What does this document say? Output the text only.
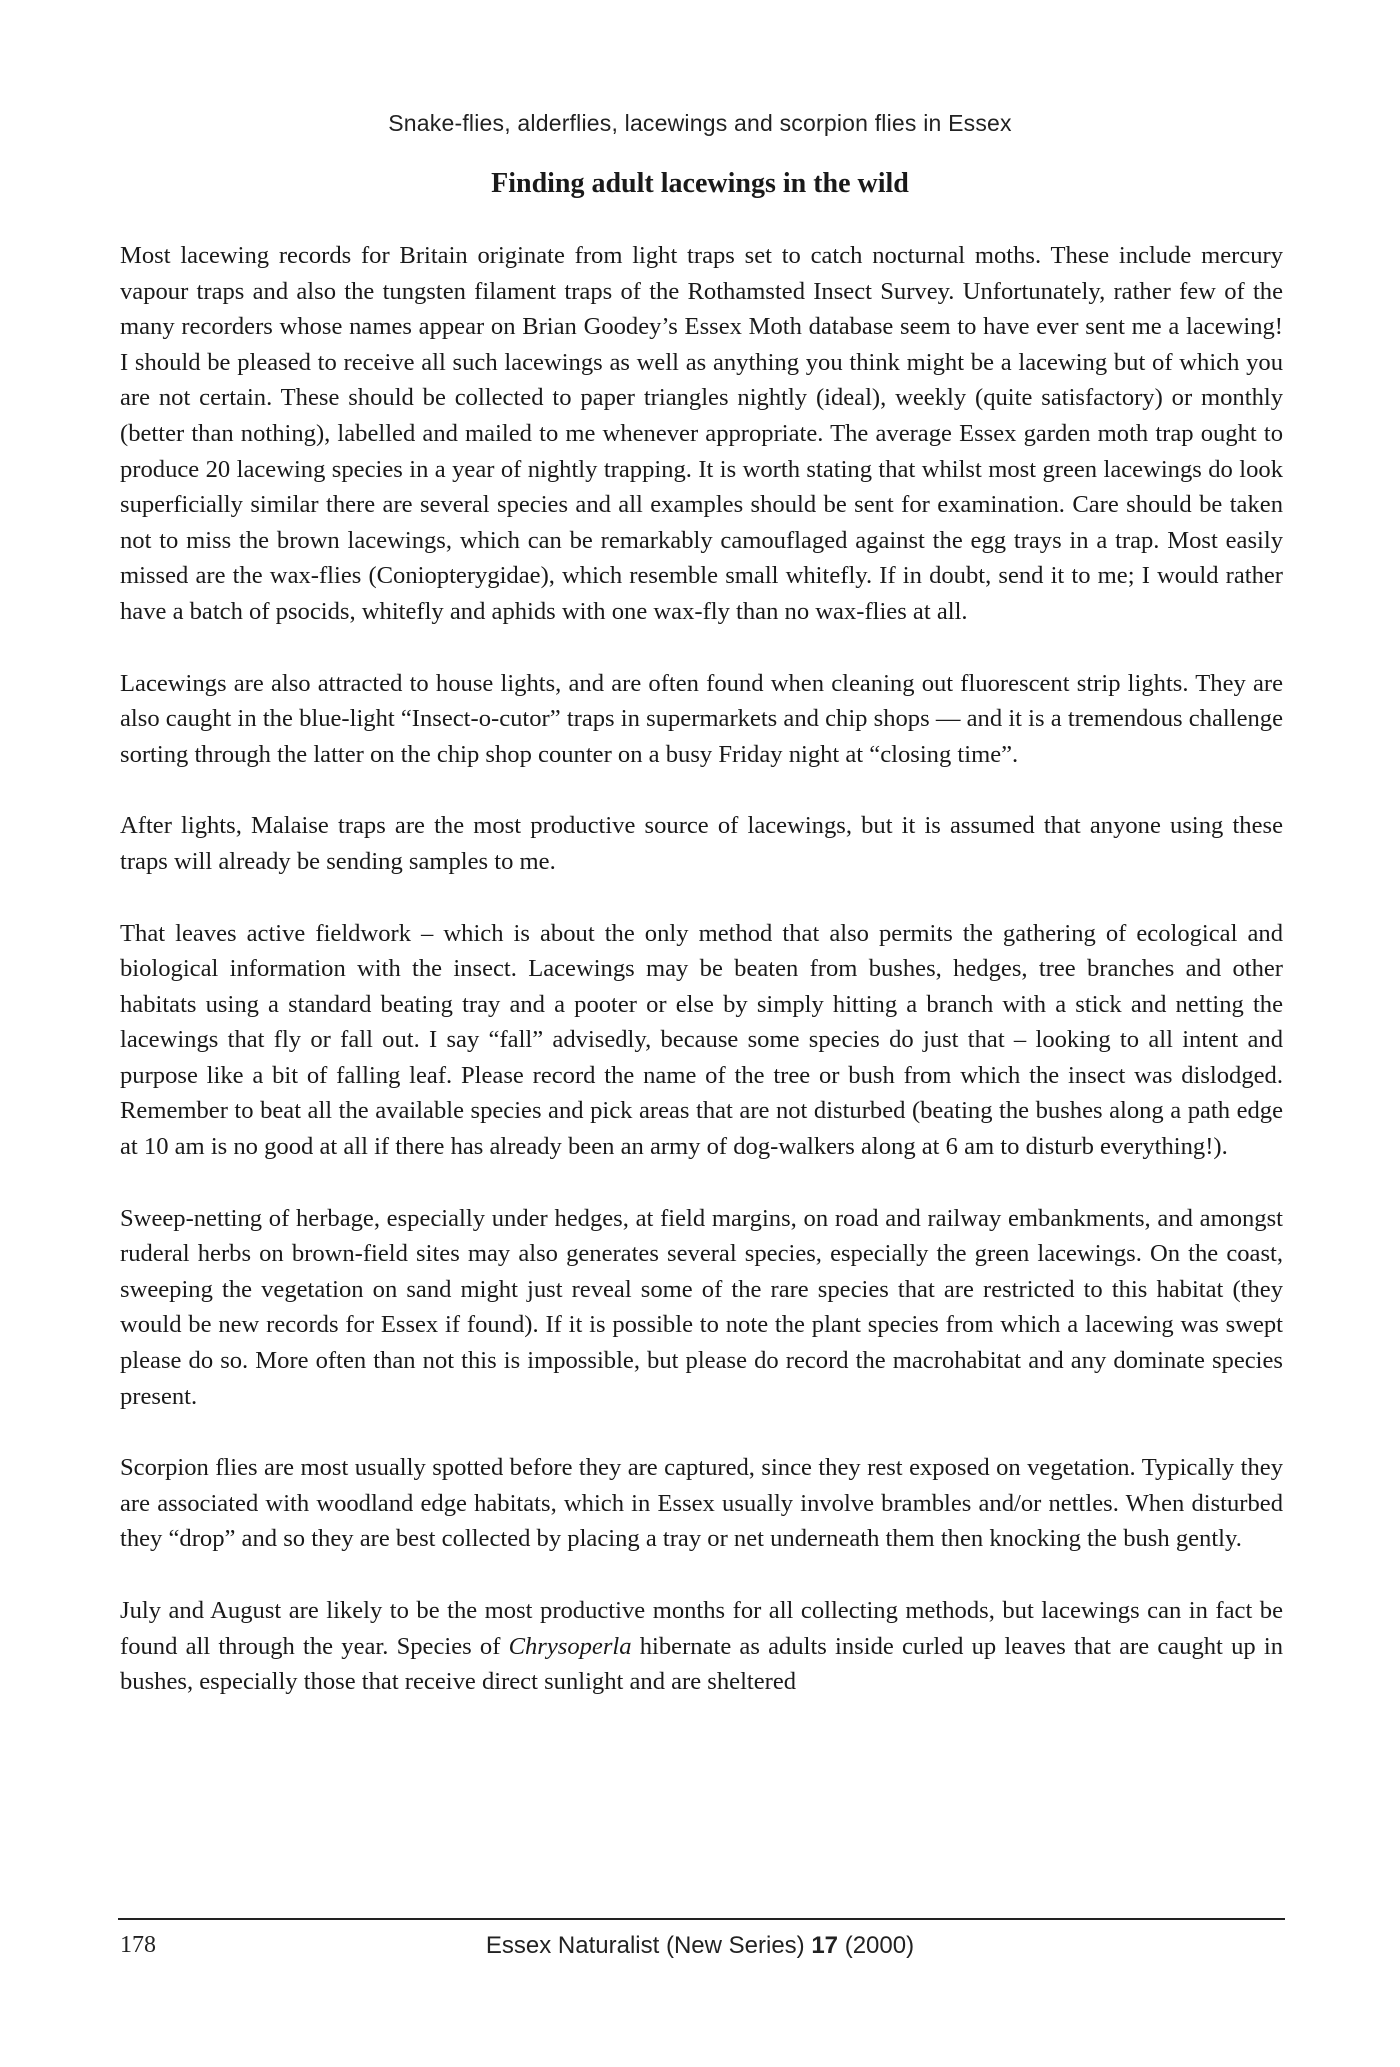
Snake-flies, alderflies, lacewings and scorpion flies in Essex
Finding adult lacewings in the wild

Most lacewing records for Britain originate from light traps set to catch nocturnal moths. These include mercury vapour traps and also the tungsten filament traps of the Rothamsted Insect Survey. Unfortunately, rather few of the many recorders whose names appear on Brian Goodey’s Essex Moth database seem to have ever sent me a lacewing! I should be pleased to receive all such lacewings as well as anything you think might be a lacewing but of which you are not certain. These should be collected to paper triangles nightly (ideal), weekly (quite satisfactory) or monthly (better than nothing), labelled and mailed to me whenever appropriate. The average Essex garden moth trap ought to produce 20 lacewing species in a year of nightly trapping. It is worth stating that whilst most green lacewings do look superficially similar there are several species and all examples should be sent for examination. Care should be taken not to miss the brown lacewings, which can be remarkably camouflaged against the egg trays in a trap. Most easily missed are the wax-flies (Coniopterygidae), which resemble small whitefly. If in doubt, send it to me; I would rather have a batch of psocids, whitefly and aphids with one wax-fly than no wax-flies at all.

Lacewings are also attracted to house lights, and are often found when cleaning out fluorescent strip lights. They are also caught in the blue-light “Insect-o-cutor” traps in supermarkets and chip shops — and it is a tremendous challenge sorting through the latter on the chip shop counter on a busy Friday night at “closing time”.

After lights, Malaise traps are the most productive source of lacewings, but it is assumed that anyone using these traps will already be sending samples to me.

That leaves active fieldwork – which is about the only method that also permits the gathering of ecological and biological information with the insect. Lacewings may be beaten from bushes, hedges, tree branches and other habitats using a standard beating tray and a pooter or else by simply hitting a branch with a stick and netting the lacewings that fly or fall out. I say “fall” advisedly, because some species do just that – looking to all intent and purpose like a bit of falling leaf. Please record the name of the tree or bush from which the insect was dislodged. Remember to beat all the available species and pick areas that are not disturbed (beating the bushes along a path edge at 10 am is no good at all if there has already been an army of dog-walkers along at 6 am to disturb everything!).

Sweep-netting of herbage, especially under hedges, at field margins, on road and railway embankments, and amongst ruderal herbs on brown-field sites may also generates several species, especially the green lacewings. On the coast, sweeping the vegetation on sand might just reveal some of the rare species that are restricted to this habitat (they would be new records for Essex if found). If it is possible to note the plant species from which a lacewing was swept please do so. More often than not this is impossible, but please do record the macrohabitat and any dominate species present.

Scorpion flies are most usually spotted before they are captured, since they rest exposed on vegetation. Typically they are associated with woodland edge habitats, which in Essex usually involve brambles and/or nettles. When disturbed they “drop” and so they are best collected by placing a tray or net underneath them then knocking the bush gently.

July and August are likely to be the most productive months for all collecting methods, but lacewings can in fact be found all through the year. Species of Chrysoperla hibernate as adults inside curled up leaves that are caught up in bushes, especially those that receive direct sunlight and are sheltered

178	Essex Naturalist (New Series) 17 (2000)
